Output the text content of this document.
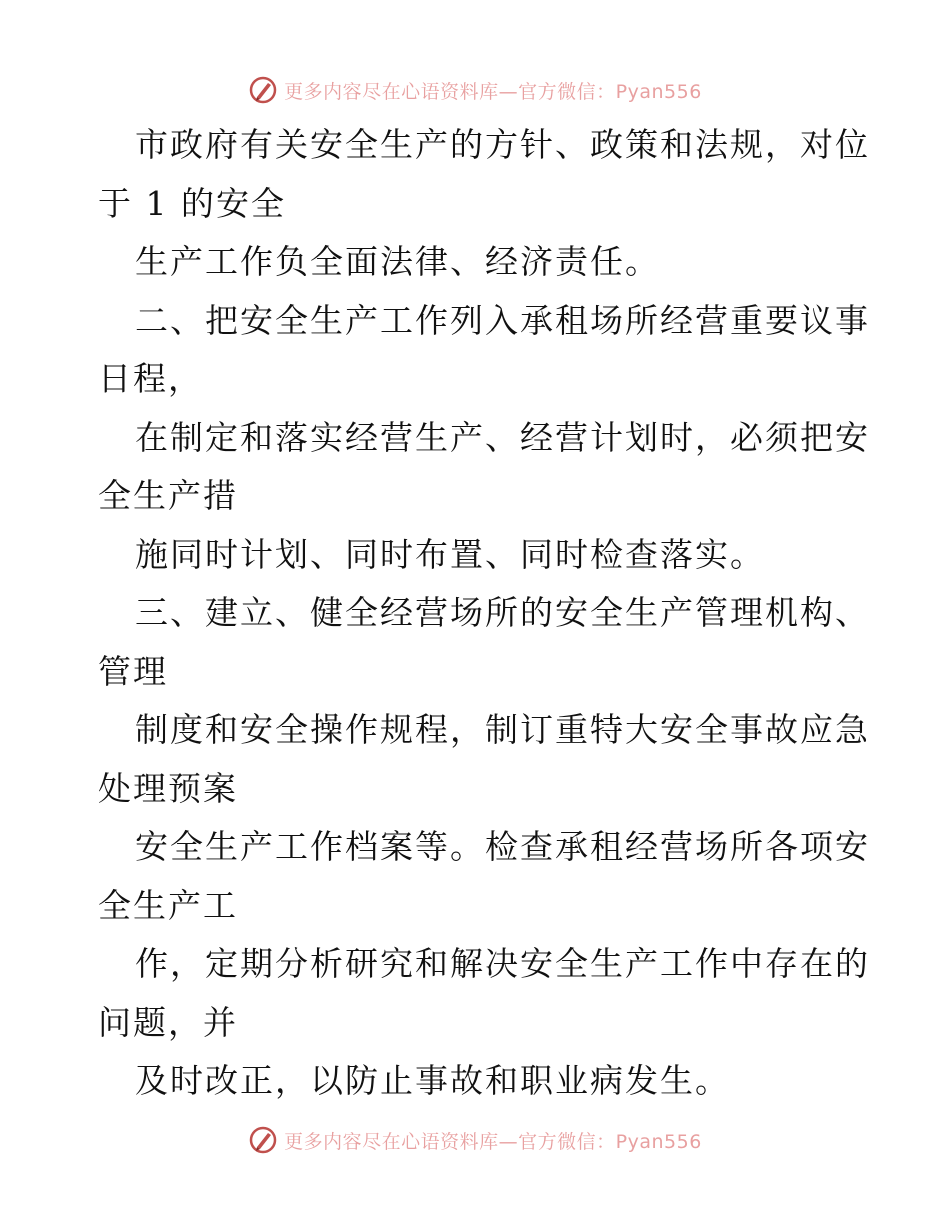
更多内容尽在心语资料库—官方微信：Pyan556
市政府有关安全生产的方针、政策和法规，对位
于 1 的安全
生产工作负全面法律、经济责任。
二、把安全生产工作列入承租场所经营重要议事
日程，
在制定和落实经营生产、经营计划时，必须把安
全生产措
施同时计划、同时布置、同时检查落实。
三、建立、健全经营场所的安全生产管理机构、
管理
制度和安全操作规程，制订重特大安全事故应急
处理预案
安全生产工作档案等。检查承租经营场所各项安
全生产工
作，定期分析研究和解决安全生产工作中存在的
问题，并
及时改正，以防止事故和职业病发生。
更多内容尽在心语资料库—官方微信：Pyan556
